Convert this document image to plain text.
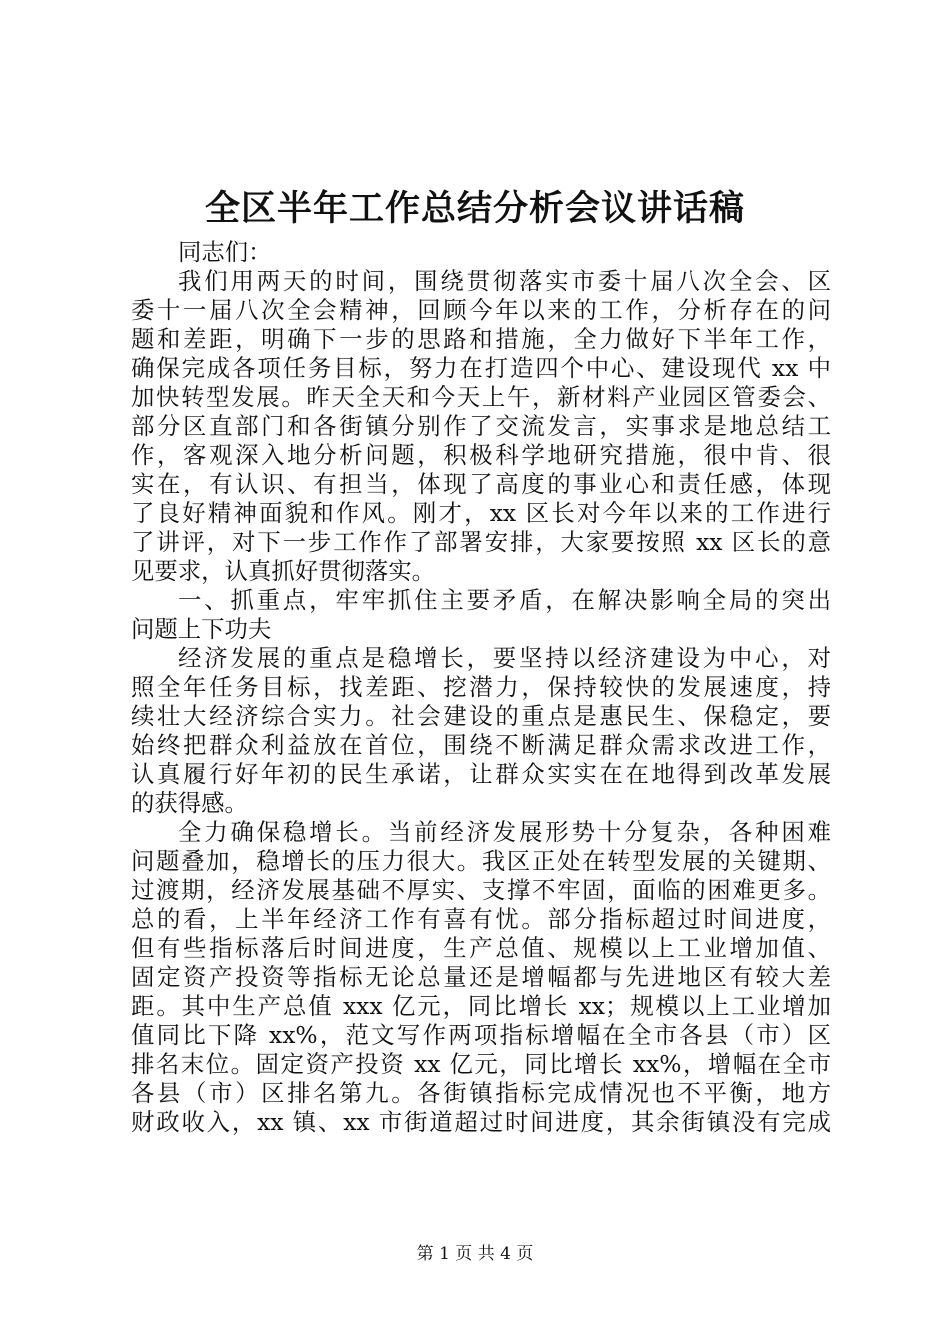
全区半年工作总结分析会议讲话稿
同志们：
我们用两天的时间，围绕贯彻落实市委十届八次全会、区
委十一届八次全会精神，回顾今年以来的工作，分析存在的问
题和差距，明确下一步的思路和措施，全力做好下半年工作，
确保完成各项任务目标，努力在打造四个中心、建设现代 xx 中
加快转型发展。昨天全天和今天上午，新材料产业园区管委会、
部分区直部门和各街镇分别作了交流发言，实事求是地总结工
作，客观深入地分析问题，积极科学地研究措施，很中肯、很
实在，有认识、有担当，体现了高度的事业心和责任感，体现
了良好精神面貌和作风。刚才，xx 区长对今年以来的工作进行
了讲评，对下一步工作作了部署安排，大家要按照 xx 区长的意
见要求，认真抓好贯彻落实。
一、抓重点，牢牢抓住主要矛盾，在解决影响全局的突出
问题上下功夫
经济发展的重点是稳增长，要坚持以经济建设为中心，对
照全年任务目标，找差距、挖潜力，保持较快的发展速度，持
续壮大经济综合实力。社会建设的重点是惠民生、保稳定，要
始终把群众利益放在首位，围绕不断满足群众需求改进工作，
认真履行好年初的民生承诺，让群众实实在在地得到改革发展
的获得感。
全力确保稳增长。当前经济发展形势十分复杂，各种困难
问题叠加，稳增长的压力很大。我区正处在转型发展的关键期、
过渡期，经济发展基础不厚实、支撑不牢固，面临的困难更多。
总的看，上半年经济工作有喜有忧。部分指标超过时间进度，
但有些指标落后时间进度，生产总值、规模以上工业增加值、
固定资产投资等指标无论总量还是增幅都与先进地区有较大差
距。其中生产总值 xxx 亿元，同比增长 xx；规模以上工业增加
值同比下降 xx%，范文写作两项指标增幅在全市各县（市）区
排名末位。固定资产投资 xx 亿元，同比增长 xx%，增幅在全市
各县（市）区排名第九。各街镇指标完成情况也不平衡，地方
财政收入，xx 镇、xx 市街道超过时间进度，其余街镇没有完成
第 1 页 共 4 页
